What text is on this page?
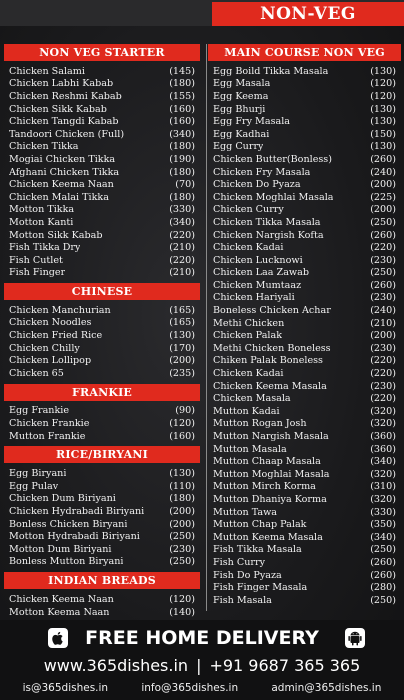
NON-VEG
NON VEG STARTER
Chicken Salami	(145)
Chicken Labhi Kabab	(180)
Chicken Reshmi Kabab	(155)
Chicken Sikk Kabab	(160)
Chicken Tangdi Kabab	(160)
Tandoori Chicken (Full)	(340)
Chicken Tikka	(180)
Mogiai Chicken Tikka	(190)
Afghani Chicken Tikka	(180)
Chicken Keema Naan	(70)
Chicken Malai Tikka	(180)
Motton Tikka	(330)
Motton Kanti	(340)
Motton Sikk Kabab	(220)
Fish Tikka Dry	(210)
Fish Cutlet	(220)
Fish Finger	(210)
CHINESE
Chicken Manchurian	(165)
Chicken Noodles	(165)
Chicken Fried Rice	(130)
Chicken Chilly	(170)
Chicken Lollipop	(200)
Chicken 65	(235)
FRANKIE
Egg Frankie	(90)
Chicken Frankie	(120)
Mutton Frankie	(160)
RICE/BIRYANI
Egg Biryani	(130)
Egg Pulav	(110)
Chicken Dum Biriyani	(180)
Chicken Hydrabadi Biriyani	(200)
Bonless Chicken Biryani	(200)
Motton Hydrabadi Biriyani	(250)
Motton Dum Biriyani	(230)
Bonless Mutton Biryani	(250)
INDIAN BREADS
Chicken Keema Naan	(120)
Motton Keema Naan	(140)
MAIN COURSE NON VEG
Egg Boild Tikka Masala	(130)
Egg Masala	(120)
Egg Keema	(120)
Egg Bhurji	(130)
Egg Fry Masala	(130)
Egg Kadhai	(150)
Egg Curry	(130)
Chicken Butter(Bonless)	(260)
Chicken Fry Masala	(240)
Chicken Do Pyaza	(200)
Chicken Moghlai Masala	(225)
Chicken Curry	(200)
Chicken Tikka Masala	(250)
Chicken Nargish Kofta	(260)
Chicken Kadai	(220)
Chicken Lucknowi	(230)
Chicken Laa Zawab	(250)
Chicken Mumtaaz	(260)
Chicken Hariyali	(230)
Boneless Chicken Achar	(240)
Methi Chicken	(210)
Chicken Palak	(200)
Methi Chicken Boneless	(230)
Chiken Palak Boneless	(220)
Chicken Kadai	(220)
Chicken Keema Masala	(230)
Chicken Masala	(220)
Mutton Kadai	(320)
Mutton Rogan Josh	(320)
Mutton Nargish Masala	(360)
Mutton Masala	(360)
Mutton Chaap Masala	(340)
Mutton Moghlai Masala	(320)
Mutton Mirch Korma	(310)
Mutton Dhaniya Korma	(320)
Mutton Tawa	(330)
Mutton Chap Palak	(350)
Mutton Keema Masala	(340)
Fish Tikka Masala	(250)
Fish Curry	(260)
Fish Do Pyaza	(260)
Fish Finger Masala	(280)
Fish Masala	(250)
FREE HOME DELIVERY
www.365dishes.in | +91 9687 365 365
is@365dishes.in	info@365dishes.in	admin@365dishes.in
